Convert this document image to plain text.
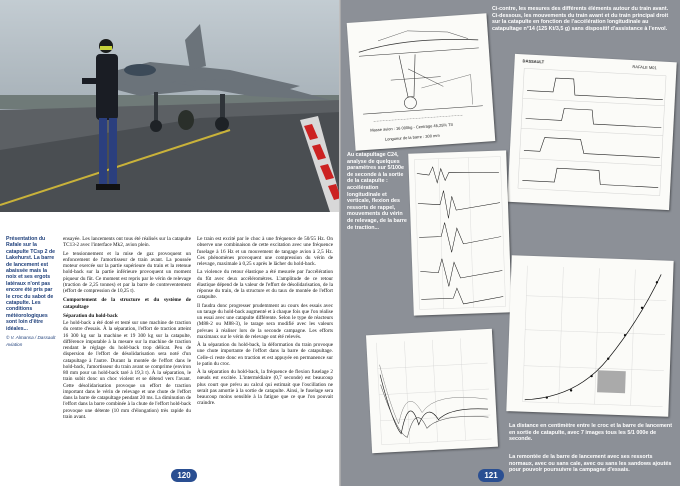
Présentation du Rafale sur la catapulte TCsp 2 de Lakehurst. La barre de lancement est abaissée mais la noix et ses ergots latéraux n'ont pas encore été pris par le croc du sabot de catapulte. Les conditions météorologiques sont loin d'être idéales...
© V. Almansa / Dassault Aviation

ensayée. Les lancements ont tous été réalisés sur la catapulte TC13-2 avec l'interface Mk2, avion plein.

Le tensionnement et la mise de gaz provoquent un enfoncement de l'amortisseur de train avant. La poussée moteur exercée sur la partie supérieure du train et la retenue hold-back sur la partie inférieure provoquent un moment piqueur du fût. Ce moment est repris par le vérin de relevage (traction de 2,25 tonnes) et par la barre de contreventement (effort de compression de 10,25 t).

Comportement de la structure et du système de catapultage
Séparation du hold-back

Le hold-back a été doté et testé sur une machine de traction du centre d'essais. À la séparation, l'effort de traction atteint 16 300 kg sur la machine et 19 300 kg sur la catapulte, différence imputable à la mesure sur la machine de traction rendant le réglage du hold-back trop délicat. Peu de dispersion de l'effort de désolidarisation sera noté d'un catapultage à l'autre. Durant la montée de l'effort dans le hold-back, l'amortisseur du train avant se comprime (environ 80 mm pour un hold-back taré à 19,3 t). À la séparation, le train subit donc un choc violent et se détend vers l'avant. Cette désolidarisation provoque un effort de traction important dans le vérin de relevage et une chute de l'effort dans la barre de catapultage pendant 20 ms. La diminution de l'effort dans la barre combinée à la chute de l'effort hold-back provoque une détente (10 mm d'élongation) très rapide du train avant.

Le train est excité par le choc à une fréquence de 50/55 Hz. On observe une combinaison de cette excitation avec une fréquence fuselage à 16 Hz et un mouvement de tangage avion à 2,5 Hz. Ces phénomènes provoquent une compression du vérin de relevage, maximale à 0,25 s après le lâcher du hold-back.

La violence du retour élastique a été mesurée par l'accélération du fût avec deux accéléromètres. L'amplitude de ce retour élastique dépend de la valeur de l'effort de désolidarisation, de la réponse du train, de la structure et du taux de montée de l'effort catapulte.

Il faudra donc progresser prudemment au cours des essais avec un tarage du hold-back augmenté et à chaque fois que l'on réalise un essai avec une catapulte différente. Selon le type de réacteurs (M88-2 ou M88-3), le tarage sera modifié avec les valeurs prévues à réaliser lors de la seconde campagne. Les efforts maximaux sur le vérin de relevage ont été relevés.

À la séparation du hold-back, la déformation du train provoque une chute importante de l'effort dans la barre de catapultage. Celle-ci reste donc en traction et est appuyée en permanence sur le patin du croc.

À la séparation du hold-back, la fréquence de flexion fuselage 2 nœuds est excitée. L'intermédiaire (0,7 seconde) est beaucoup plus court que prévu au calcul qui estimait que l'oscillation ne serait pas amortie à la sortie de catapulte. Ainsi, le fuselage sera beaucoup moins sensible à la fatigue que ce que l'on pouvait craindre.

120
Ci-contre, les mesures des différents éléments autour du train avant.
Ci-dessous, les mouvements du train avant et du train principal droit sur la catapulte en fonction de l'accélération longitudinale au catapultage n°14 (125 Kt/3,5 g) sans dispositif d'assistance à l'envol.
Masse avion : 16 000kg - Centrage 45,25% TS
Longueur de la barre : 300 mm
DASSAULT
RAFALE M01
Au catapultage C24, analyse de quelques paramètres sur 5/100e de seconde à la sortie de la catapulte : accélération longitudinale et verticale, flexion des ressorts de rappel, mouvements du vérin de relevage, de la barre de traction...
La distance en centimètre entre le croc et la barre de lancement en sortie de catapulte, avec 7 images tous les 5/1 000e de seconde.
La remontée de la barre de lancement avec ses ressorts normaux, avec ou sans cale, avec ou sans les sandows ajoutés pour pouvoir poursuivre la campagne d'essais.
121
